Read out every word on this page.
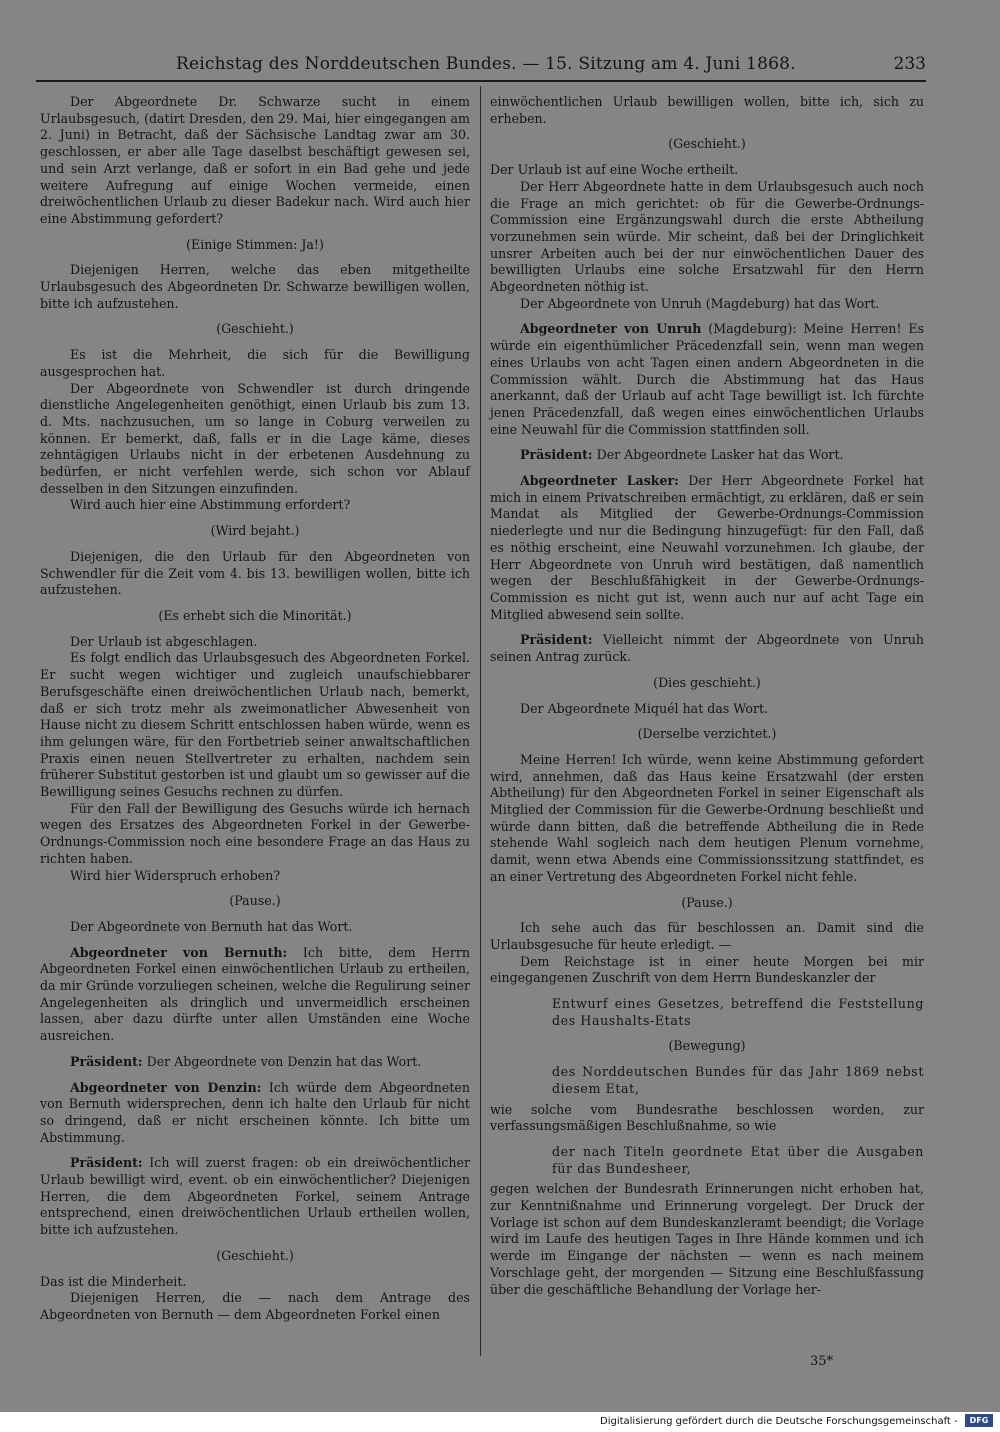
Reichstag des Norddeutschen Bundes. — 15. Sitzung am 4. Juni 1868.	233

Der Abgeordnete Dr. Schwarze sucht in einem Urlaubsgesuch, (datirt Dresden, den 29. Mai, hier eingegangen am 2. Juni) in Betracht, daß der Sächsische Landtag zwar am 30. geschlossen, er aber alle Tage daselbst beschäftigt gewesen sei, und sein Arzt verlange, daß er sofort in ein Bad gehe und jede weitere Aufregung auf einige Wochen vermeide, einen dreiwöchentlichen Urlaub zu dieser Badekur nach. Wird auch hier eine Abstimmung gefordert?

(Einige Stimmen: Ja!)

Diejenigen Herren, welche das eben mitgetheilte Urlaubsgesuch des Abgeordneten Dr. Schwarze bewilligen wollen, bitte ich aufzustehen.

(Geschieht.)

Es ist die Mehrheit, die sich für die Bewilligung ausgesprochen hat.

Der Abgeordnete von Schwendler ist durch dringende dienstliche Angelegenheiten genöthigt, einen Urlaub bis zum 13. d. Mts. nachzusuchen, um so lange in Coburg verweilen zu können. Er bemerkt, daß, falls er in die Lage käme, dieses zehntägigen Urlaubs nicht in der erbetenen Ausdehnung zu bedürfen, er nicht verfehlen werde, sich schon vor Ablauf desselben in den Sitzungen einzufinden.

Wird auch hier eine Abstimmung erfordert?

(Wird bejaht.)

Diejenigen, die den Urlaub für den Abgeordneten von Schwendler für die Zeit vom 4. bis 13. bewilligen wollen, bitte ich aufzustehen.

(Es erhebt sich die Minorität.)

Der Urlaub ist abgeschlagen.

Es folgt endlich das Urlaubsgesuch des Abgeordneten Forkel. Er sucht wegen wichtiger und zugleich unaufschiebbarer Berufsgeschäfte einen dreiwöchentlichen Urlaub nach, bemerkt, daß er sich trotz mehr als zweimonatlicher Abwesenheit von Hause nicht zu diesem Schritt entschlossen haben würde, wenn es ihm gelungen wäre, für den Fortbetrieb seiner anwaltschaftlichen Praxis einen neuen Stellvertreter zu erhalten, nachdem sein früherer Substitut gestorben ist und glaubt um so gewisser auf die Bewilligung seines Gesuchs rechnen zu dürfen.

Für den Fall der Bewilligung des Gesuchs würde ich hernach wegen des Ersatzes des Abgeordneten Forkel in der Gewerbe-Ordnungs-Commission noch eine besondere Frage an das Haus zu richten haben.

Wird hier Widerspruch erhoben?

(Pause.)

Der Abgeordnete von Bernuth hat das Wort.

Abgeordneter von Bernuth: Ich bitte, dem Herrn Abgeordneten Forkel einen einwöchentlichen Urlaub zu ertheilen, da mir Gründe vorzuliegen scheinen, welche die Regulirung seiner Angelegenheiten als dringlich und unvermeidlich erscheinen lassen, aber dazu dürfte unter allen Umständen eine Woche ausreichen.

Präsident: Der Abgeordnete von Denzin hat das Wort.

Abgeordneter von Denzin: Ich würde dem Abgeordneten von Bernuth widersprechen, denn ich halte den Urlaub für nicht so dringend, daß er nicht erscheinen könnte. Ich bitte um Abstimmung.

Präsident: Ich will zuerst fragen: ob ein dreiwöchentlicher Urlaub bewilligt wird, event. ob ein einwöchentlicher? Diejenigen Herren, die dem Abgeordneten Forkel, seinem Antrage entsprechend, einen dreiwöchentlichen Urlaub ertheilen wollen, bitte ich aufzustehen.

(Geschieht.)

Das ist die Minderheit.

Diejenigen Herren, die — nach dem Antrage des Abgeordneten von Bernuth — dem Abgeordneten Forkel einen

einwöchentlichen Urlaub bewilligen wollen, bitte ich, sich zu erheben.

(Geschieht.)

Der Urlaub ist auf eine Woche ertheilt.

Der Herr Abgeordnete hatte in dem Urlaubsgesuch auch noch die Frage an mich gerichtet: ob für die Gewerbe-Ordnungs-Commission eine Ergänzungswahl durch die erste Abtheilung vorzunehmen sein würde. Mir scheint, daß bei der Dringlichkeit unsrer Arbeiten auch bei der nur einwöchentlichen Dauer des bewilligten Urlaubs eine solche Ersatzwahl für den Herrn Abgeordneten nöthig ist.

Der Abgeordnete von Unruh (Magdeburg) hat das Wort.

Abgeordneter von Unruh (Magdeburg): Meine Herren! Es würde ein eigenthümlicher Präcedenzfall sein, wenn man wegen eines Urlaubs von acht Tagen einen andern Abgeordneten in die Commission wählt. Durch die Abstimmung hat das Haus anerkannt, daß der Urlaub auf acht Tage bewilligt ist. Ich fürchte jenen Präcedenzfall, daß wegen eines einwöchentlichen Urlaubs eine Neuwahl für die Commission stattfinden soll.

Präsident: Der Abgeordnete Lasker hat das Wort.

Abgeordneter Lasker: Der Herr Abgeordnete Forkel hat mich in einem Privatschreiben ermächtigt, zu erklären, daß er sein Mandat als Mitglied der Gewerbe-Ordnungs-Commission niederlegte und nur die Bedingung hinzugefügt: für den Fall, daß es nöthig erscheint, eine Neuwahl vorzunehmen. Ich glaube, der Herr Abgeordnete von Unruh wird bestätigen, daß namentlich wegen der Beschlußfähigkeit in der Gewerbe-Ordnungs-Commission es nicht gut ist, wenn auch nur auf acht Tage ein Mitglied abwesend sein sollte.

Präsident: Vielleicht nimmt der Abgeordnete von Unruh seinen Antrag zurück.

(Dies geschieht.)

Der Abgeordnete Miquél hat das Wort.

(Derselbe verzichtet.)

Meine Herren! Ich würde, wenn keine Abstimmung gefordert wird, annehmen, daß das Haus keine Ersatzwahl (der ersten Abtheilung) für den Abgeordneten Forkel in seiner Eigenschaft als Mitglied der Commission für die Gewerbe-Ordnung beschließt und würde dann bitten, daß die betreffende Abtheilung die in Rede stehende Wahl sogleich nach dem heutigen Plenum vornehme, damit, wenn etwa Abends eine Commissionssitzung stattfindet, es an einer Vertretung des Abgeordneten Forkel nicht fehle.

(Pause.)

Ich sehe auch das für beschlossen an. Damit sind die Urlaubsgesuche für heute erledigt. —

Dem Reichstage ist in einer heute Morgen bei mir eingegangenen Zuschrift von dem Herrn Bundeskanzler der

Entwurf eines Gesetzes, betreffend die Feststellung des Haushalts-Etats

(Bewegung)

des Norddeutschen Bundes für das Jahr 1869 nebst diesem Etat,

wie solche vom Bundesrathe beschlossen worden, zur verfassungsmäßigen Beschlußnahme, so wie

der nach Titeln geordnete Etat über die Ausgaben für das Bundesheer,

gegen welchen der Bundesrath Erinnerungen nicht erhoben hat, zur Kenntnißnahme und Erinnerung vorgelegt. Der Druck der Vorlage ist schon auf dem Bundeskanzleramt beendigt; die Vorlage wird im Laufe des heutigen Tages in Ihre Hände kommen und ich werde im Eingange der nächsten — wenn es nach meinem Vorschlage geht, der morgenden — Sitzung eine Beschlußfassung über die geschäftliche Behandlung der Vorlage her-

35*
Digitalisierung gefördert durch die Deutsche Forschungsgemeinschaft -	DFG
